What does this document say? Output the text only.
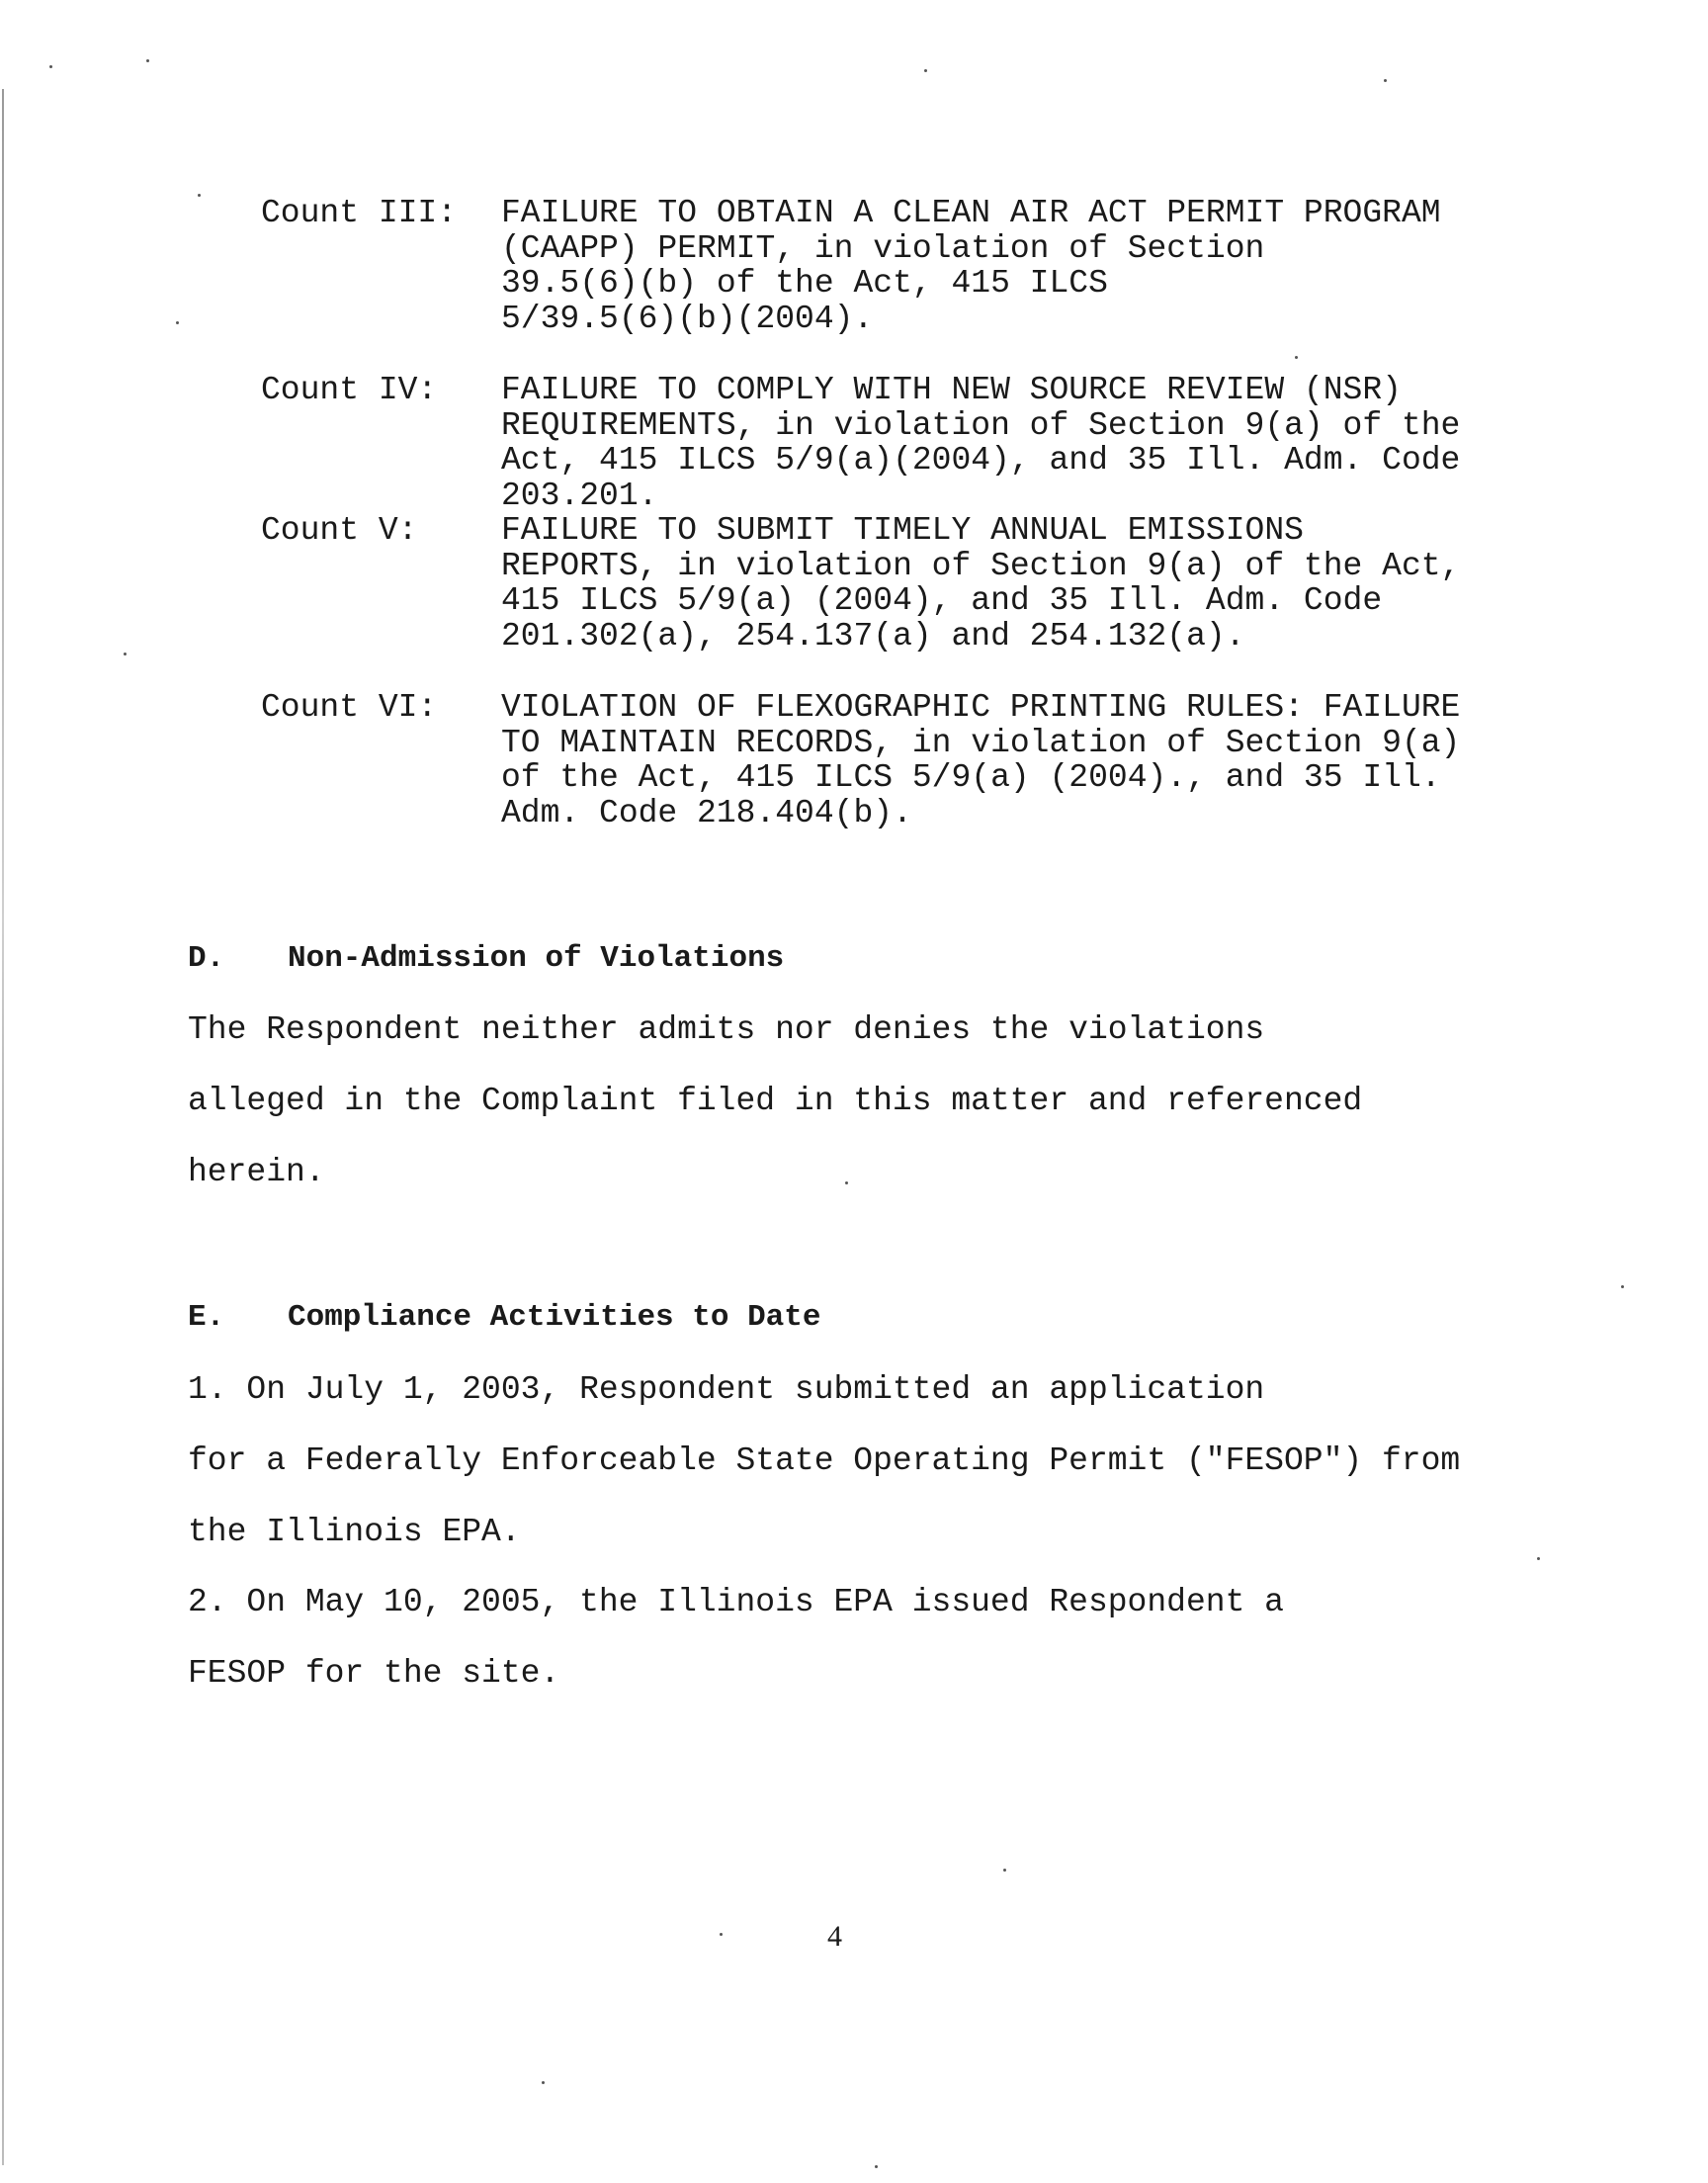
Count III: FAILURE TO OBTAIN A CLEAN AIR ACT PERMIT PROGRAM
(CAAPP) PERMIT, in violation of Section
39.5(6)(b) of the Act, 415 ILCS
5/39.5(6)(b)(2004).
Count IV: FAILURE TO COMPLY WITH NEW SOURCE REVIEW (NSR)
REQUIREMENTS, in violation of Section 9(a) of the
Act, 415 ILCS 5/9(a)(2004), and 35 Ill. Adm. Code
203.201.
Count V:	FAILURE TO SUBMIT TIMELY ANNUAL EMISSIONS
REPORTS, in violation of Section 9(a) of the Act,
415 ILCS 5/9(a) (2004), and 35 Ill. Adm. Code
201.302(a), 254.137(a) and 254.132(a).
Count VI: VIOLATION OF FLEXOGRAPHIC PRINTING RULES: FAILURE
TO MAINTAIN RECORDS, in violation of Section 9(a)
of the Act, 415 ILCS 5/9(a) (2004)., and 35 Ill.
Adm. Code 218.404(b).

D.

Non-Admission of Violations

The Respondent neither admits nor denies the violations
alleged in the Complaint filed in this matter and referenced
herein.

E.

Compliance Activities to Date

1. On July 1, 2003, Respondent submitted an application
for a Federally Enforceable State Operating Permit ("FESOP") from
the Illinois EPA.
2. On May 10, 2005, the Illinois EPA issued Respondent a
FESOP for the site.
4
